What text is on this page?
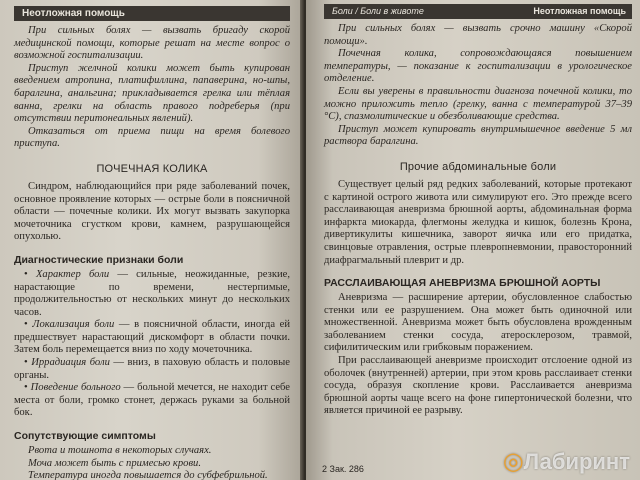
Неотложная помощь

При сильных болях — вызвать бригаду скорой медицинской помощи, которые решат на месте вопрос о возможной госпитализации.

Приступ желчной колики может быть купирован введением атропина, платифиллина, папаверина, но-шпы, баралгина, анальгина; прикладывается грелка или тёплая ванна, грелки на область правого подреберья (при отсутствии перитонеальных явлений).

Отказаться от приема пищи на время болевого приступа.

ПОЧЕЧНАЯ КОЛИКА

Синдром, наблюдающийся при ряде заболеваний почек, основное проявление которых — острые боли в поясничной области — почечные колики. Их могут вызвать закупорка мочеточника сгустком крови, камнем, разрушающейся опухолью.

Диагностические признаки боли

• Характер боли — сильные, неожиданные, резкие, нарастающие по времени, нестерпимые, продолжительностью от нескольких минут до нескольких часов.

• Локализация боли — в поясничной области, иногда ей предшествует нарастающий дискомфорт в области почки. Затем боль перемещается вниз по ходу мочеточника.

• Иррадиация боли — вниз, в паховую область и половые органы.

• Поведение больного — больной мечется, не находит себе места от боли, громко стонет, держась руками за больной бок.

Сопутствующие симптомы

Рвота и тошнота в некоторых случаях.

Моча может быть с примесью крови.

Температура иногда повышается до субфебрильной.

Боли / Боли в животе	Неотложная помощь

При сильных болях — вызвать срочно машину «Скорой помощи».

Почечная колика, сопровождающаяся повышением температуры, — показание к госпитализации в урологическое отделение.

Если вы уверены в правильности диагноза почечной колики, то можно приложить тепло (грелку, ванна с температурой 37–39 °С), спазмолитические и обезболивающие средства.

Приступ может купировать внутримышечное введение 5 мл раствора баралгина.

Прочие абдоминальные боли

Существует целый ряд редких заболеваний, которые протекают с картиной острого живота или симулируют его. Это прежде всего расслаивающая аневризма брюшной аорты, абдоминальная форма инфаркта миокарда, флегмоны желудка и кишок, болезнь Крона, дивертикулиты кишечника, заворот яичка или его придатка, свинцовые отравления, острые плевропневмонии, правосторонний диафрагмальный плеврит и др.

РАССЛАИВАЮЩАЯ АНЕВРИЗМА БРЮШНОЙ АОРТЫ

Аневризма — расширение артерии, обусловленное слабостью стенки или ее разрушением. Она может быть одиночной или множественной. Аневризма может быть обусловлена врожденным заболеванием стенки сосуда, атеросклерозом, травмой, сифилитическим или грибковым поражением.

При расслаивающей аневризме происходит отслоение одной из оболочек (внутренней) артерии, при этом кровь расслаивает стенки сосуда, образуя скопление крови. Расслаивается аневризма брюшной аорты чаще всего на фоне гипертонической болезни, что является причиной ее разрыву.

2 Зак. 286	◎Лабиринт
